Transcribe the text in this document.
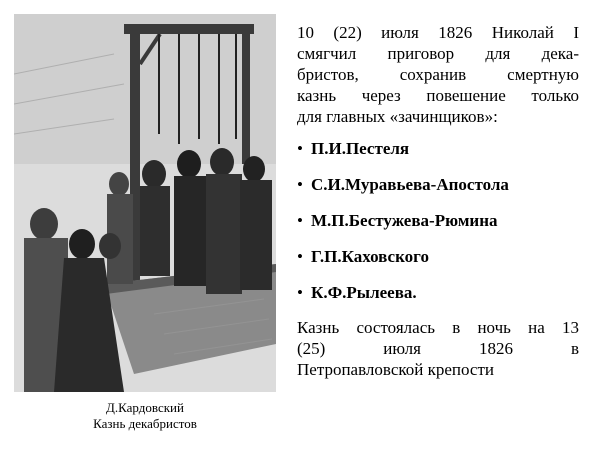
Д.Кардовский
Казнь декабристов
10 (22) июля 1826 Николай I
смягчил приговор для дека-
бристов, сохранив смертную
казнь через повешение только
для главных «зачинщиков»:
• П.И.Пестеля
• С.И.Муравьева-Апостола
• М.П.Бестужева-Рюмина
• Г.П.Каховского
• К.Ф.Рылеева.
Казнь состоялась в ночь на 13
(25) июля 1826 в
Петропавловской крепости
